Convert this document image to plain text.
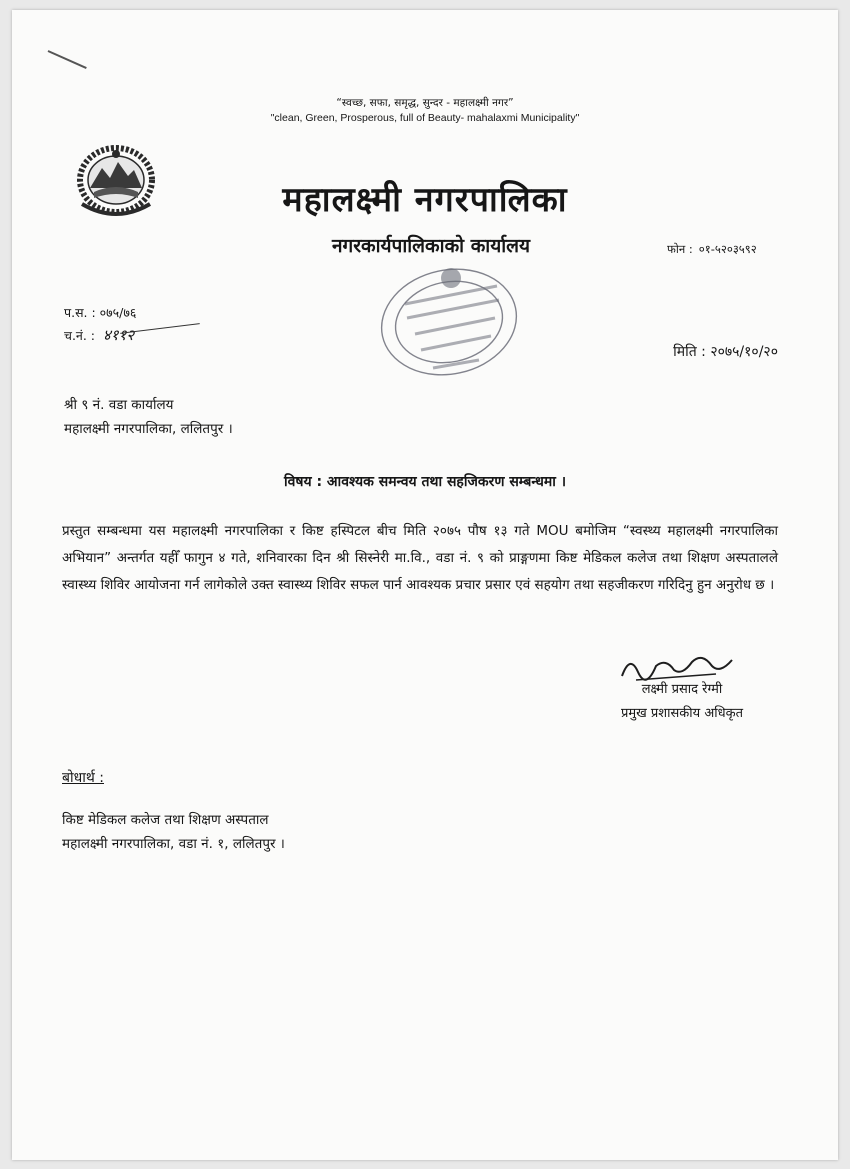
“स्वच्छ, सफा, समृद्ध, सुन्दर - महालक्ष्मी नगर”
"clean, Green, Prosperous, full of Beauty- mahalaxmi Municipality"
महालक्ष्मी नगरपालिका
नगरकार्यपालिकाको कार्यालय	फोन : ०१-५२०३५९२
प.स. : ०७५/७६
च.नं. : ४११२
मिति : २०७५/१०/२०
श्री ९ नं. वडा कार्यालय
महालक्ष्मी नगरपालिका, ललितपुर ।
विषय : आवश्यक समन्वय तथा सहजिकरण सम्बन्धमा ।
प्रस्तुत सम्बन्धमा यस महालक्ष्मी नगरपालिका र किष्ट हस्पिटल बीच मिति २०७५ पौष १३ गते MOU बमोजिम “स्वस्थ्य महालक्ष्मी नगरपालिका अभियान” अन्तर्गत यहीँ फागुन ४ गते, शनिवारका दिन श्री सिस्नेरी मा.वि., वडा नं. ९ को प्राङ्गणमा किष्ट मेडिकल कलेज तथा शिक्षण अस्पतालले स्वास्थ्य शिविर आयोजना गर्न लागेकोले उक्त स्वास्थ्य शिविर सफल पार्न आवश्यक प्रचार प्रसार एवं सहयोग तथा सहजीकरण गरिदिनु हुन अनुरोध छ ।
लक्ष्मी प्रसाद रेग्मी
प्रमुख प्रशासकीय अधिकृत
बोधार्थ :
किष्ट मेडिकल कलेज तथा शिक्षण अस्पताल
महालक्ष्मी नगरपालिका, वडा नं. १, ललितपुर ।
